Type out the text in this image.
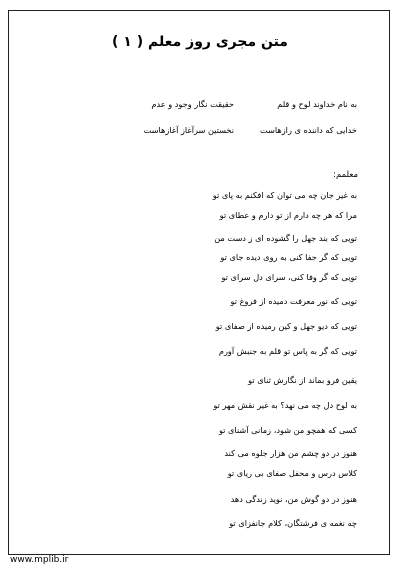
متن مجری روز معلم ( ۱ )
به نام خداوند لوح و قلم
حقیقت نگار وجود و عدم
خدایی که داننده ی رازهاست
نخستین سرآغاز آغازهاست
معلمم:
به غیر جان چه می توان که افکنم به پای تو
مرا که هر چه دارم از تو دارم و عطای تو
تویی که بند جهل را گشوده ای ز دست من
تویی که گر جفا کنی به روی دیده جای تو
تویی که گر وفا کنی، سرای دل سرای تو
تویی که نور معرفت دمیده از فروغ تو
تویی که دیو جهل و کین رمیده از صفای تو
تویی که گر به پاس تو قلم به جنبش آورم
یقین فرو بماند از نگارش ثنای تو
به لوح دل چه می نهد؟ به غیر نقش مهر تو
کسی که همچو من شود، زمانی آشنای تو
هنوز در دو چشم من هزار جلوه می کند
کلاس درس و محفل صفای بی ریای تو
هنوز در دو گوش من، نوید زندگی دهد
چه نغمه ی فرشتگان، کلام جانفزای تو
www.mplib.ir
